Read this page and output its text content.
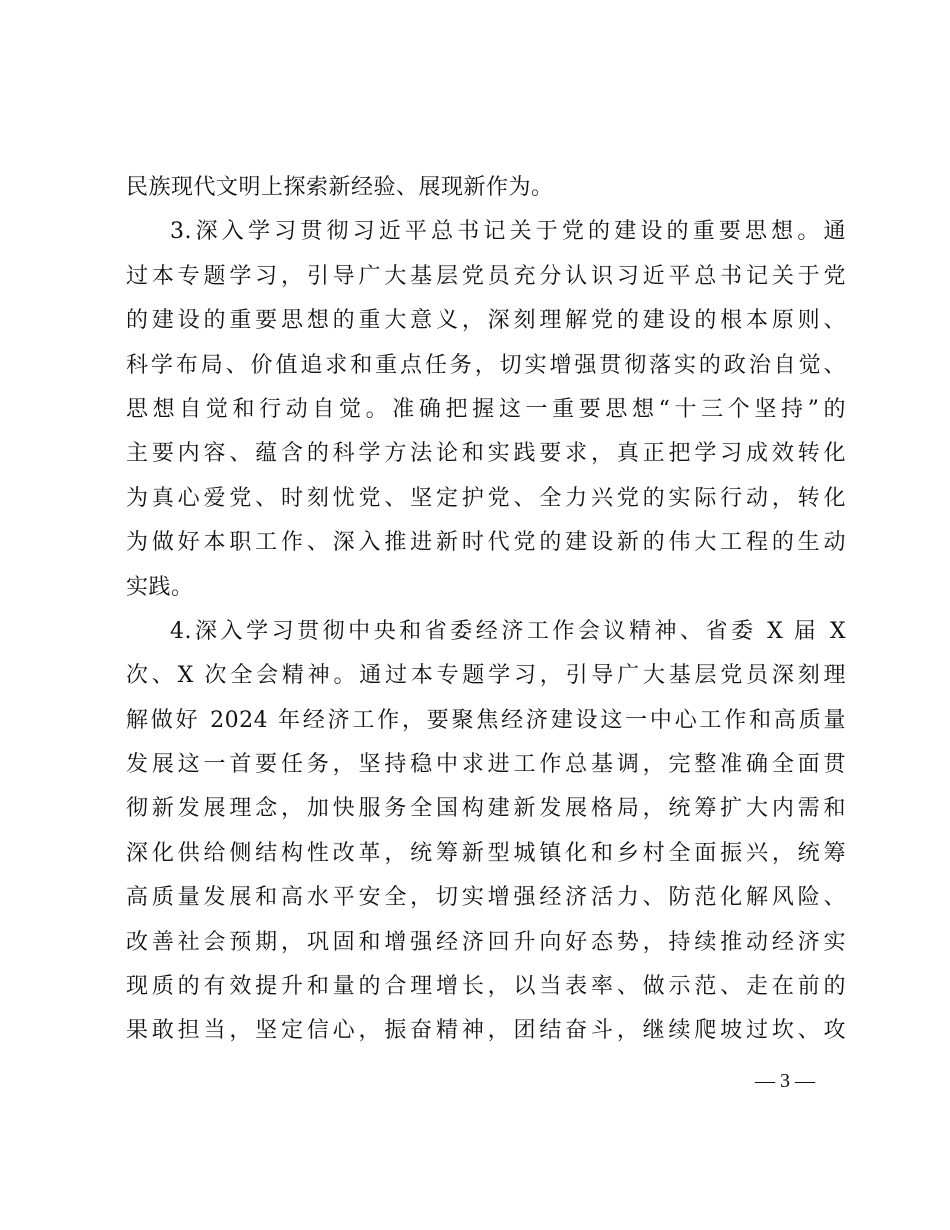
民族现代文明上探索新经验、展现新作为。
3.深入学习贯彻习近平总书记关于党的建设的重要思想。通
过本专题学习，引导广大基层党员充分认识习近平总书记关于党
的建设的重要思想的重大意义，深刻理解党的建设的根本原则、
科学布局、价值追求和重点任务，切实增强贯彻落实的政治自觉、
思想自觉和行动自觉。准确把握这一重要思想“十三个坚持”的
主要内容、蕴含的科学方法论和实践要求，真正把学习成效转化
为真心爱党、时刻忧党、坚定护党、全力兴党的实际行动，转化
为做好本职工作、深入推进新时代党的建设新的伟大工程的生动
实践。
4.深入学习贯彻中央和省委经济工作会议精神、省委 X 届 X
次、X 次全会精神。通过本专题学习，引导广大基层党员深刻理
解做好 2024 年经济工作，要聚焦经济建设这一中心工作和高质量
发展这一首要任务，坚持稳中求进工作总基调，完整准确全面贯
彻新发展理念，加快服务全国构建新发展格局，统筹扩大内需和
深化供给侧结构性改革，统筹新型城镇化和乡村全面振兴，统筹
高质量发展和高水平安全，切实增强经济活力、防范化解风险、
改善社会预期，巩固和增强经济回升向好态势，持续推动经济实
现质的有效提升和量的合理增长，以当表率、做示范、走在前的
果敢担当，坚定信心，振奋精神，团结奋斗，继续爬坡过坎、攻
— 3 —
